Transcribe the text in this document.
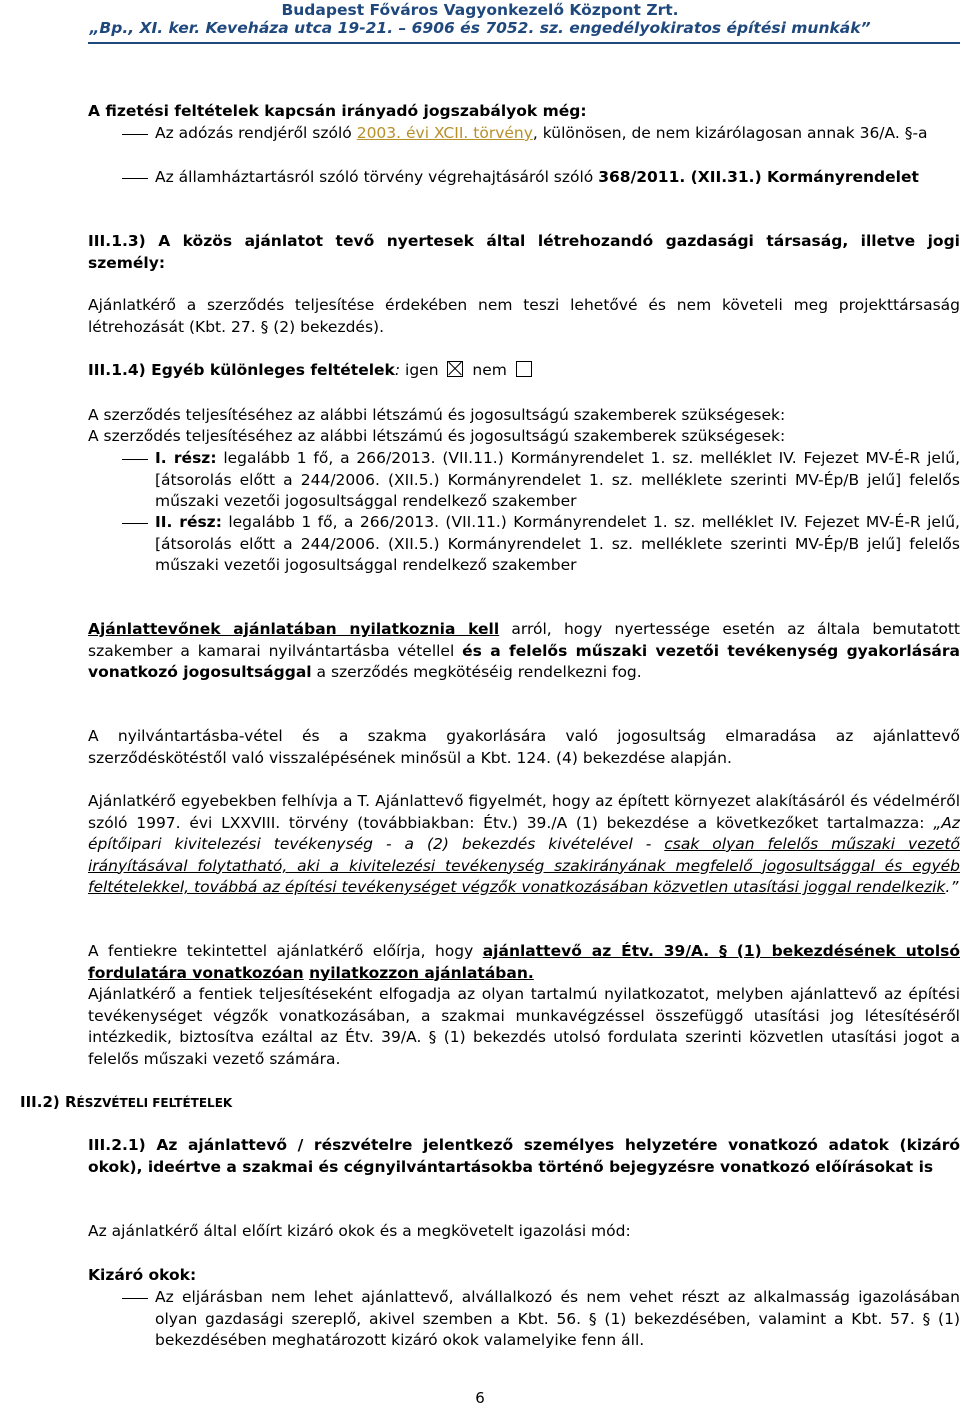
Budapest Főváros Vagyonkezelő Központ Zrt.
„Bp., XI. ker. Keveháza utca 19-21. – 6906 és 7052. sz. engedélyokiratos építési munkák”
A fizetési feltételek kapcsán irányadó jogszabályok még:
Az adózás rendjéről szóló 2003. évi XCII. törvény, különösen, de nem kizárólagosan annak 36/A. §-a
Az államháztartásról szóló törvény végrehajtásáról szóló 368/2011. (XII.31.) Kormányrendelet
III.1.3) A közös ajánlatot tevő nyertesek által létrehozandó gazdasági társaság, illetve jogi személy:
Ajánlatkérő a szerződés teljesítése érdekében nem teszi lehetővé és nem követeli meg projekttársaság létrehozását (Kbt. 27. § (2) bekezdés).
III.1.4) Egyéb különleges feltételek: igen nem
A szerződés teljesítéséhez az alábbi létszámú és jogosultságú szakemberek szükségesek:
A szerződés teljesítéséhez az alábbi létszámú és jogosultságú szakemberek szükségesek:
I. rész: legalább 1 fő, a 266/2013. (VII.11.) Kormányrendelet 1. sz. melléklet IV. Fejezet MV-É-R jelű, [átsorolás előtt a 244/2006. (XII.5.) Kormányrendelet 1. sz. melléklete szerinti MV-Ép/B jelű] felelős műszaki vezetői jogosultsággal rendelkező szakember
II. rész: legalább 1 fő, a 266/2013. (VII.11.) Kormányrendelet 1. sz. melléklet IV. Fejezet MV-É-R jelű, [átsorolás előtt a 244/2006. (XII.5.) Kormányrendelet 1. sz. melléklete szerinti MV-Ép/B jelű] felelős műszaki vezetői jogosultsággal rendelkező szakember
Ajánlattevőnek ajánlatában nyilatkoznia kell arról, hogy nyertessége esetén az általa bemutatott szakember a kamarai nyilvántartásba vétellel és a felelős műszaki vezetői tevékenység gyakorlására vonatkozó jogosultsággal a szerződés megkötéséig rendelkezni fog.
A nyilvántartásba-vétel és a szakma gyakorlására való jogosultság elmaradása az ajánlattevő szerződéskötéstől való visszalépésének minősül a Kbt. 124. (4) bekezdése alapján.
Ajánlatkérő egyebekben felhívja a T. Ajánlattevő figyelmét, hogy az épített környezet alakításáról és védelméről szóló 1997. évi LXXVIII. törvény (továbbiakban: Étv.) 39./A (1) bekezdése a következőket tartalmazza: „Az építőipari kivitelezési tevékenység - a (2) bekezdés kivételével - csak olyan felelős műszaki vezető irányításával folytatható, aki a kivitelezési tevékenység szakirányának megfelelő jogosultsággal és egyéb feltételekkel, továbbá az építési tevékenységet végzők vonatkozásában közvetlen utasítási joggal rendelkezik.”
A fentiekre tekintettel ajánlatkérő előírja, hogy ajánlattevő az Étv. 39/A. § (1) bekezdésének utolsó fordulatára vonatkozóan nyilatkozzon ajánlatában.
Ajánlatkérő a fentiek teljesítéseként elfogadja az olyan tartalmú nyilatkozatot, melyben ajánlattevő az építési tevékenységet végzők vonatkozásában, a szakmai munkavégzéssel összefüggő utasítási jog létesítéséről intézkedik, biztosítva ezáltal az Étv. 39/A. § (1) bekezdés utolsó fordulata szerinti közvetlen utasítási jogot a felelős műszaki vezető számára.
III.2) RÉSZVÉTELI FELTÉTELEK
III.2.1) Az ajánlattevő / részvételre jelentkező személyes helyzetére vonatkozó adatok (kizáró okok), ideértve a szakmai és cégnyilvántartásokba történő bejegyzésre vonatkozó előírásokat is
Az ajánlatkérő által előírt kizáró okok és a megkövetelt igazolási mód:
Kizáró okok:
Az eljárásban nem lehet ajánlattevő, alvállalkozó és nem vehet részt az alkalmasság igazolásában olyan gazdasági szereplő, akivel szemben a Kbt. 56. § (1) bekezdésében, valamint a Kbt. 57. § (1) bekezdésében meghatározott kizáró okok valamelyike fenn áll.
6
